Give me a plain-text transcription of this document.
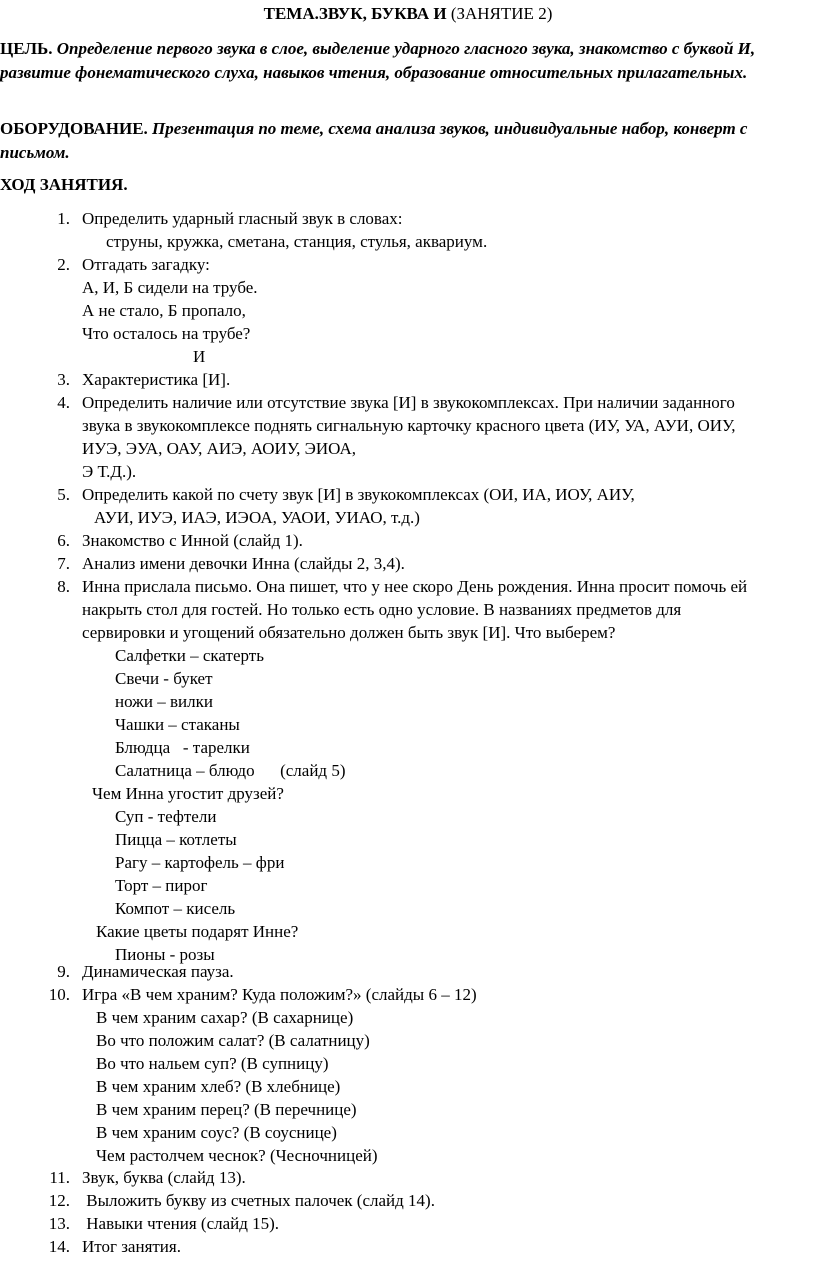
ТЕМА.ЗВУК, БУКВА И (ЗАНЯТИЕ 2)
ЦЕЛЬ. Определение первого звука в слое, выделение ударного гласного звука, знакомство с буквой И, развитие фонематического слуха, навыков чтения, образование относительных прилагательных.
ОБОРУДОВАНИЕ. Презентация по теме, схема анализа звуков, индивидуальные набор, конверт с письмом.
ХОД ЗАНЯТИЯ.
1.
2.
3.
4.
5.
6.
7.
8.
9.
10.
11.
12.
13.
14.
Определить ударный гласный звук в словах:
струны, кружка, сметана, станция, стулья, аквариум.
Отгадать загадку:
А, И, Б сидели на трубе.
А не стало, Б пропало,
Что осталось на трубе?
И
Характеристика [И].
Определить наличие или отсутствие звука [И] в звукокомплексах. При наличии заданного
звука в звукокомплексе поднять сигнальную карточку красного цвета (ИУ, УА, АУИ, ОИУ,
ИУЭ, ЭУА, ОАУ, АИЭ, АОИУ, ЭИОА,
Э Т.Д.).
Определить какой по счету звук [И] в звукокомплексах (ОИ, ИА, ИОУ, АИУ,
АУИ, ИУЭ, ИАЭ, ИЭОА, УАОИ, УИАО, т.д.)
Знакомство с Инной (слайд 1).
Анализ имени девочки Инна (слайды 2, 3,4).
Инна прислала письмо. Она пишет, что у нее скоро День рождения. Инна просит помочь ей
накрыть стол для гостей. Но только есть одно условие. В названиях предметов для
сервировки и угощений обязательно должен быть звук [И]. Что выберем?
Салфетки – скатерть
Свечи - букет
ножи – вилки
Чашки – стаканы
Блюдца   - тарелки
Салатница – блюдо      (слайд 5)
Чем Инна угостит друзей?
Суп - тефтели
Пицца – котлеты
Рагу – картофель – фри
Торт – пирог
Компот – кисель
Какие цветы подарят Инне?
Пионы - розы
Динамическая пауза.
Игра «В чем храним? Куда положим?» (слайды 6 – 12)
В чем храним сахар? (В сахарнице)
Во что положим салат? (В салатницу)
Во что нальем суп? (В супницу)
В чем храним хлеб? (В хлебнице)
В чем храним перец? (В перечнице)
В чем храним соус? (В соуснице)
Чем растолчем чеснок? (Чесночницей)
Звук, буква (слайд 13).
Выложить букву из счетных палочек (слайд 14).
Навыки чтения (слайд 15).
Итог занятия.
